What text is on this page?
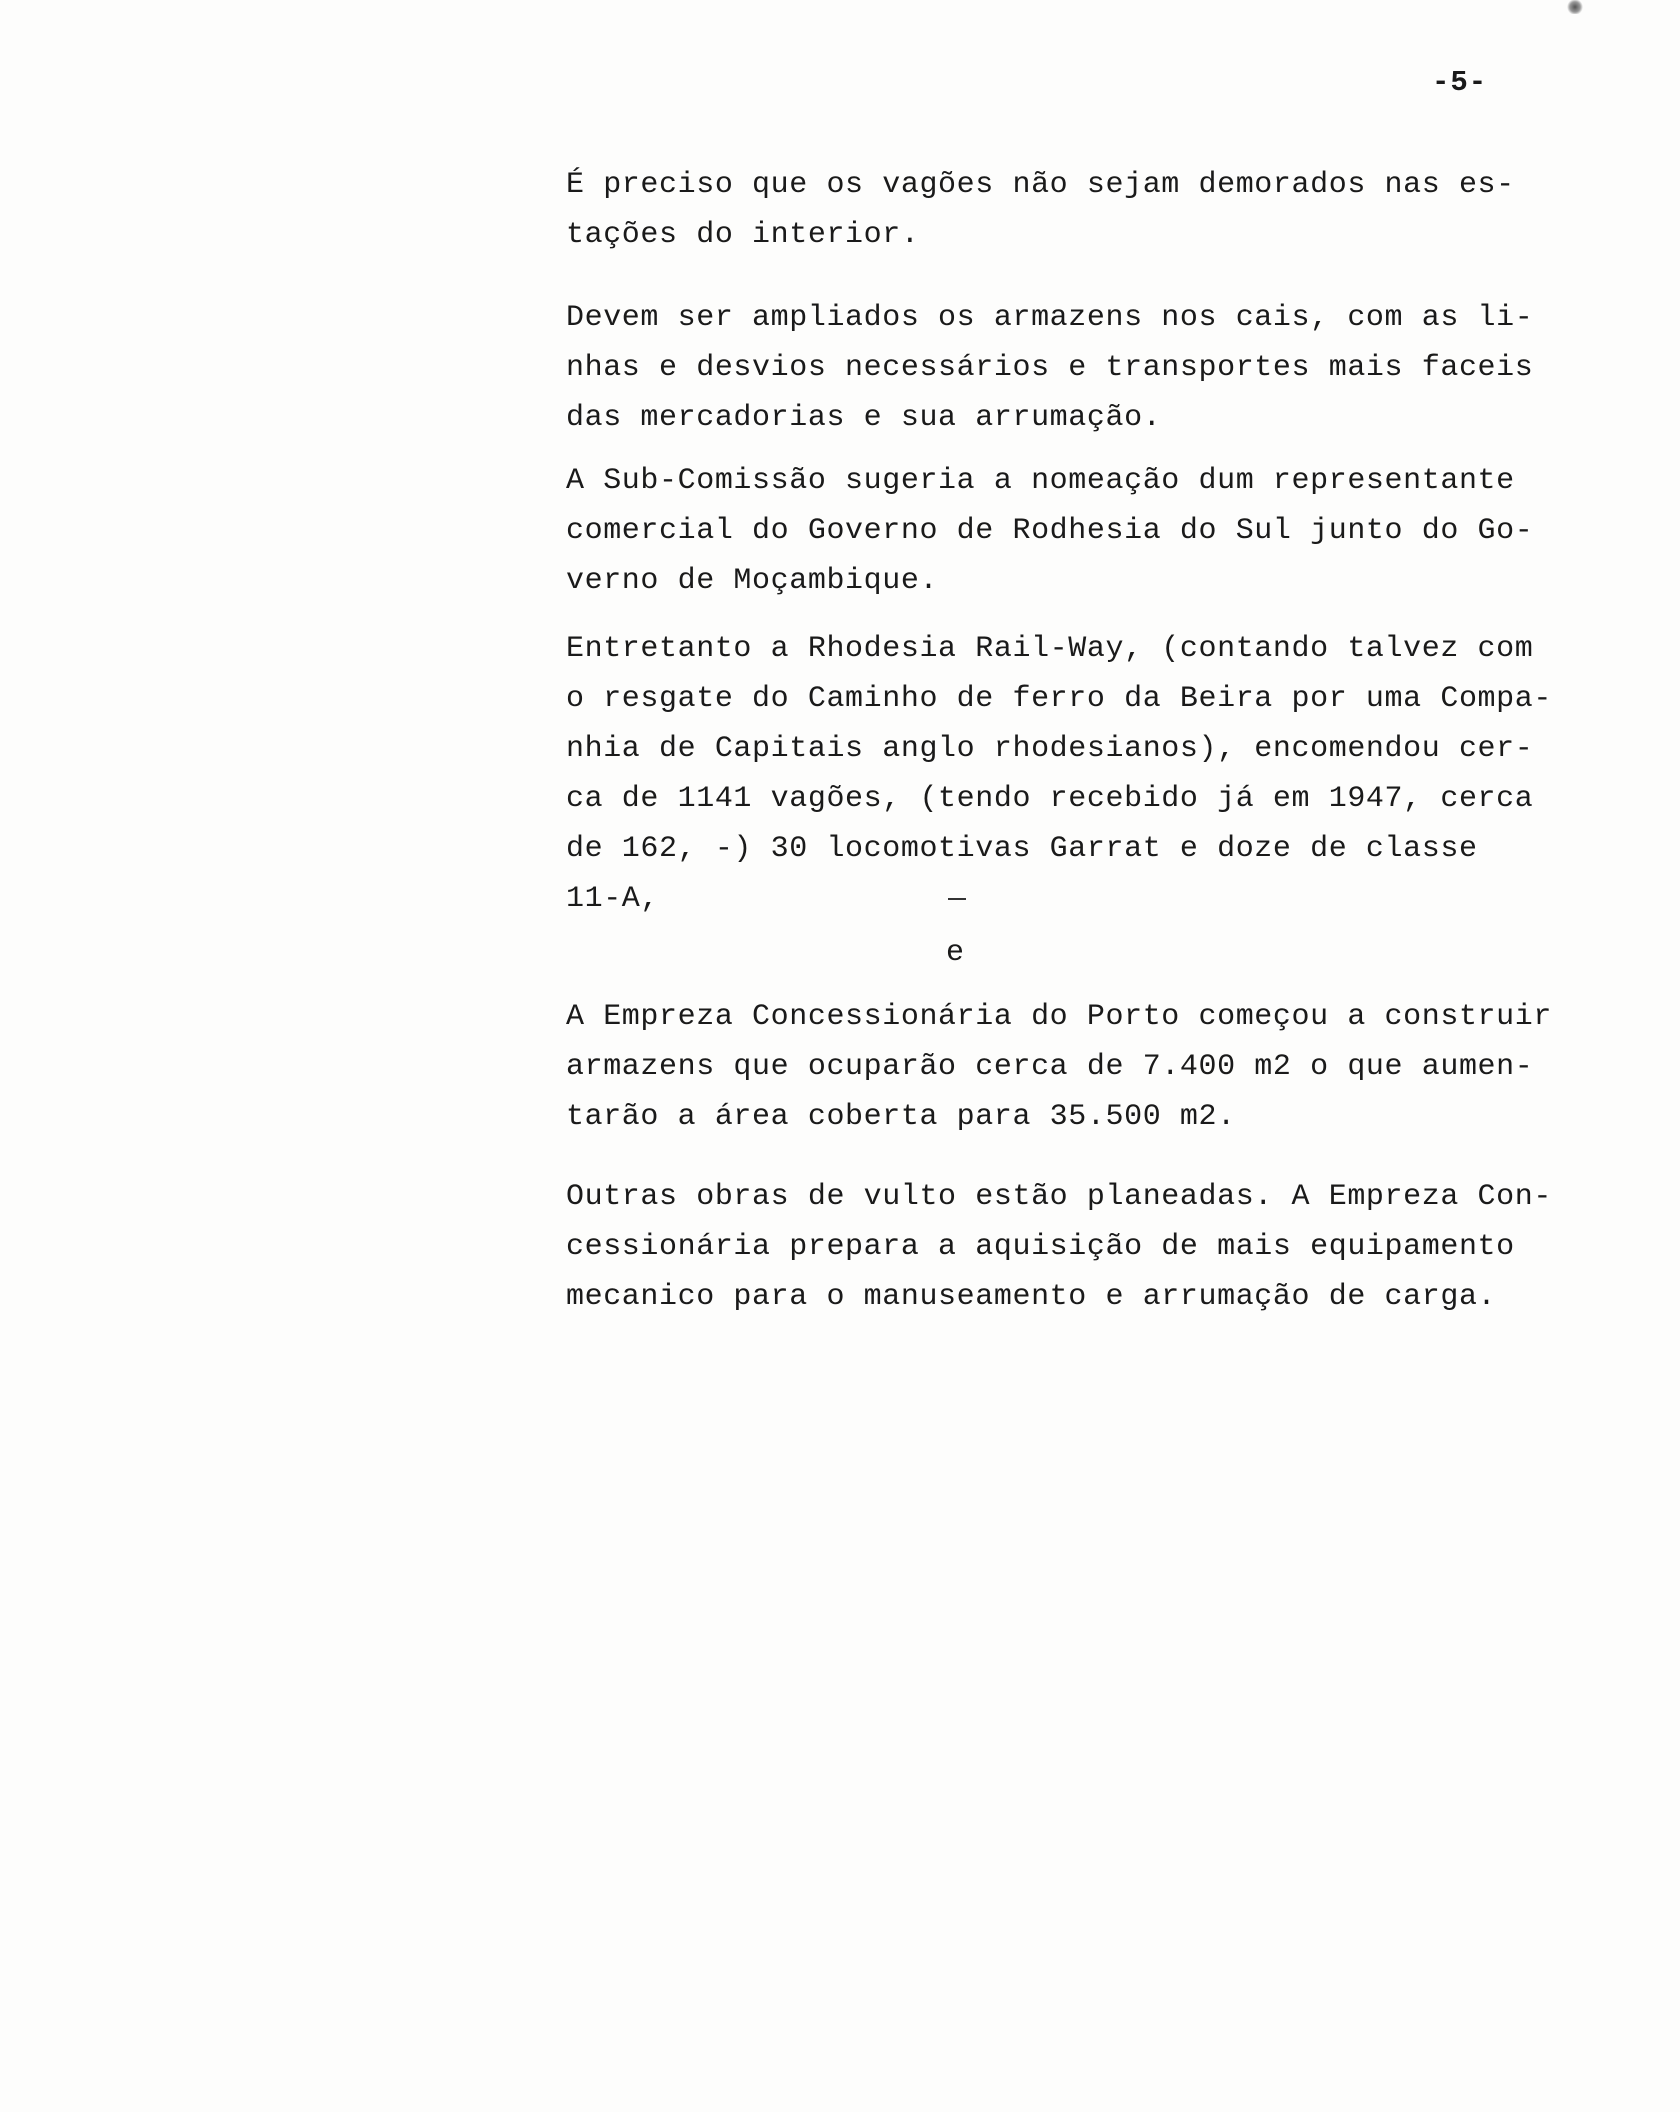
-5-

É preciso que os vagões não sejam demorados nas es-
tações do interior.

Devem ser ampliados os armazens nos cais, com as li-
nhas e desvios necessários e transportes mais faceis
das mercadorias e sua arrumação.

A Sub-Comissão sugeria a nomeação dum representante
comercial do Governo de Rodhesia do Sul junto do Go-
verno de Moçambique.

Entretanto a Rhodesia Rail-Way, (contando talvez com
o resgate do Caminho de ferro da Beira por uma Compa-
nhia de Capitais anglo rhodesianos), encomendou cer-
ca de 1141 vagões, (tendo recebido já em 1947, cerca
de 162, -) 30 locomotivas Garrat e doze de classe
11-A,

e

A Empreza Concessionária do Porto começou a construir
armazens que ocuparão cerca de 7.400 m2 o que aumen-
tarão a área coberta para 35.500 m2.

Outras obras de vulto estão planeadas. A Empreza Con-
cessionária prepara a aquisição de mais equipamento
mecanico para o manuseamento e arrumação de carga.
